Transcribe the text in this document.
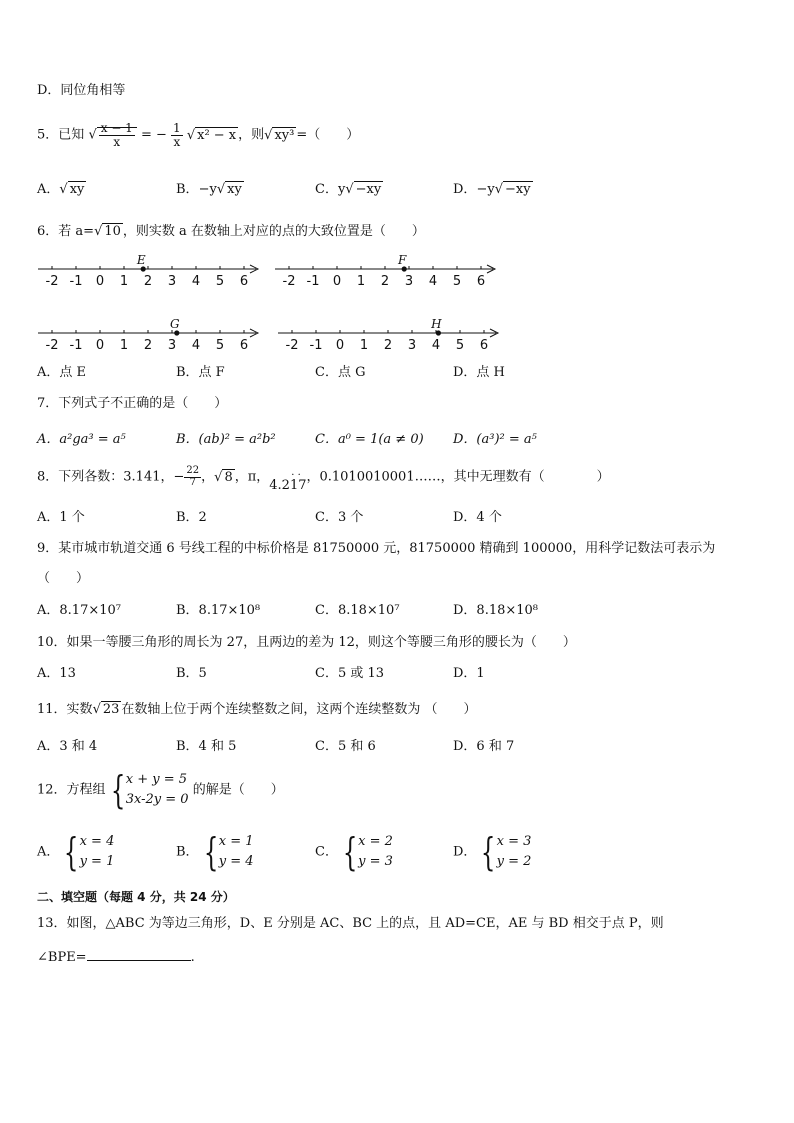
D．同位角相等
5．已知 √ $\frac{x - 1}{x}$ = − $\frac{1}{x}$ √ x² − x ，则√ xy³ =（　　）
A．√ xy	B．−y√ xy	C．y√ −xy	D．−y√ −xy
6．若 a=√ 10 ，则实数 a 在数轴上对应的点的大致位置是（　　）
-2 -1 0 1 2 3 4 5 6
E
-2 -1 0 1 2 3 4 5 6
F
-2 -1 0 1 2 3 4 5 6
G
-2 -1 0 1 2 3 4 5 6
H
A．点 E	B．点 F	C．点 G	D．点 H
7．下列式子不正确的是（　　）
A．a²ga³ = a⁵	B．(ab)² = a²b²	C．a⁰ = 1(a ≠ 0) D．(a³)² = a⁵
8．下列各数：3.141，− $\frac{22}{7}$ ，√ 8 ，π， · ·
4.217，0.1010010001……，其中无理数有（　　　　）
A．1 个	B．2	C．3 个	D．4 个
9．某市城市轨道交通 6 号线工程的中标价格是 81750000 元，81750000 精确到 100000，用科学记数法可表示为
（　　）
A．8.17×10⁷	B．8.17×10⁸	C．8.18×10⁷	D．8.18×10⁸
10．如果一等腰三角形的周长为 27，且两边的差为 12，则这个等腰三角形的腰长为（　　）
A．13	B．5	C．5 或 13	D．1
11．实数√ 23 在数轴上位于两个连续整数之间，这两个连续整数为 （　　）
A．3 和 4	B．4 和 5	C．5 和 6	D．6 和 7
12．方程组 { x + y = 5
3x-2y = 0
的解是（　　）
A． { x = 4
y = 1
B． { x = 1
y = 4
C． { x = 2
y = 3
D． { x = 3
y = 2
二、填空题（每题 4 分，共 24 分）
13．如图，△ABC 为等边三角形，D、E 分别是 AC、BC 上的点，且 AD=CE，AE 与 BD 相交于点 P，则
∠BPE=	.
